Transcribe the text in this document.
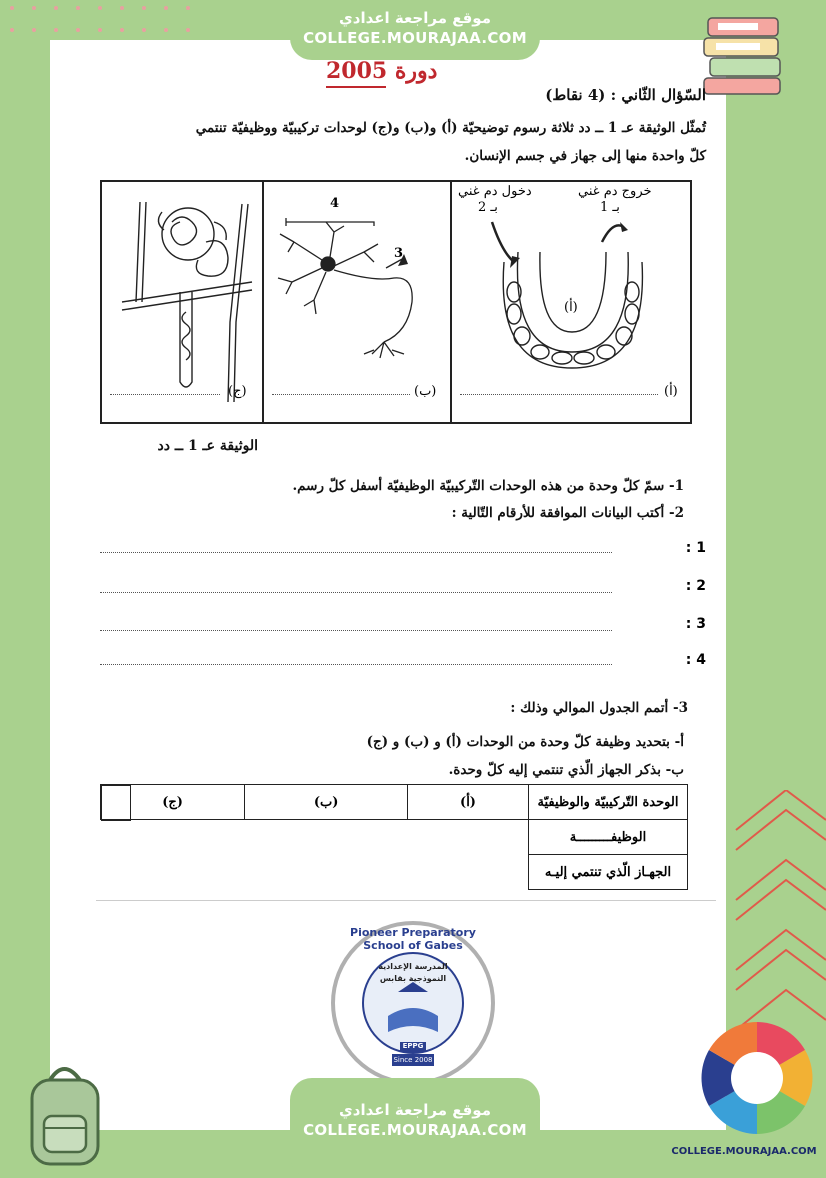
موقع مراجعة اعدادي
COLLEGE.MOURAJAA.COM
دورة 2005
السّؤال الثّاني : (4 نقاط)
تُمثّل الوثيقة عـ 1 ــ دد ثلاثة رسوم توضيحيّة (أ) و(ب) و(ج) لوحدات تركيبيّة ووظيفيّة تنتمي
كلّ واحدة منها إلى جهاز في جسم الإنسان.
(ج)
4
3
(ب)
دخول دم غني	خروج دم غني
بـ 2	بـ 1
(أ)
(أ)
الوثيقة عـ 1 ــ دد
1- سمّ كلّ وحدة من هذه الوحدات التّركيبيّة الوظيفيّة أسفل كلّ رسم.
2- أكتب البيانات الموافقة للأرقام التّالية :
1 :
2 :
3 :
4 :
3- أتمم الجدول الموالي وذلك :
أ- بتحديد وظيفة كلّ وحدة من الوحدات (أ) و (ب) و (ج)
ب- بذكر الجهاز الّذي تنتمي إليه كلّ وحدة.
الوحدة التّركيبيّة والوظيفيّة	(أ)	(ب)	(ج)
الوظيفـــــــــة	

الجهـاز الّذي تنتمي إليـه	
Pioneer Preparatory School of Gabes
المدرسة الإعدادية
النموذجية بقابس
EPPG
Since 2008
موقع مراجعة اعدادي
COLLEGE.MOURAJAA.COM
COLLEGE.MOURAJAA.COM
